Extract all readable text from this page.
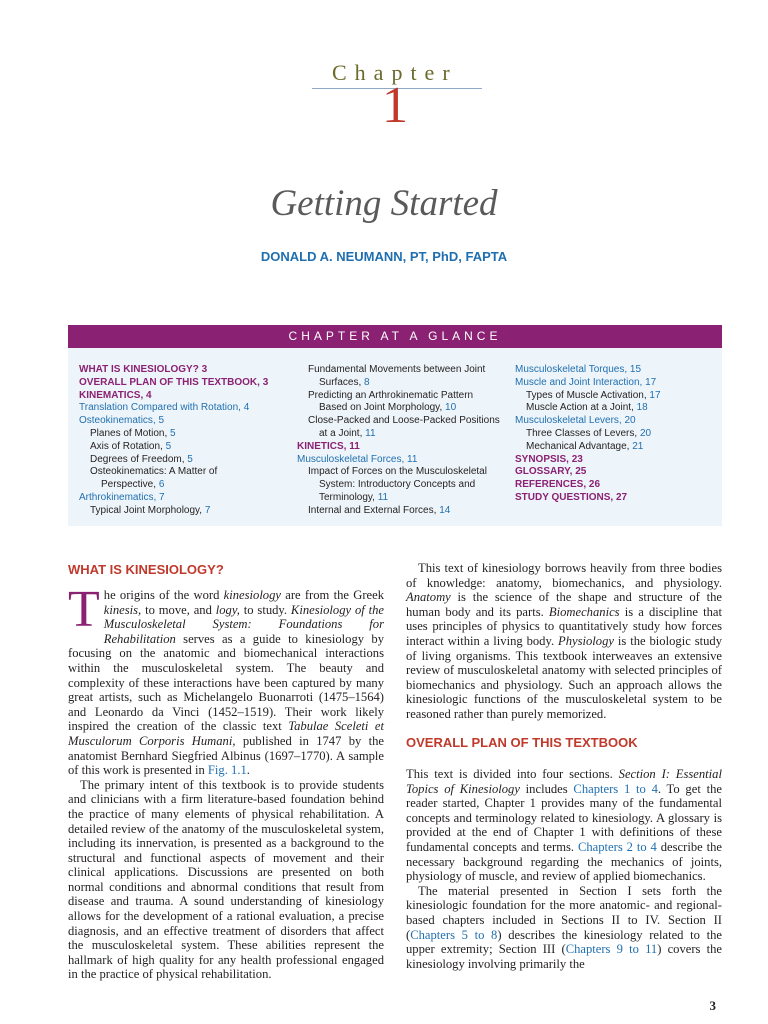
Chapter
1
Getting Started
DONALD A. NEUMANN, PT, PhD, FAPTA
CHAPTER AT A GLANCE
WHAT IS KINESIOLOGY? 3
OVERALL PLAN OF THIS TEXTBOOK, 3
KINEMATICS, 4
Translation Compared with Rotation, 4
Osteokinematics, 5
Planes of Motion, 5
Axis of Rotation, 5
Degrees of Freedom, 5
Osteokinematics: A Matter of
Perspective, 6
Arthrokinematics, 7
Typical Joint Morphology, 7
Fundamental Movements between Joint
Surfaces, 8
Predicting an Arthrokinematic Pattern
Based on Joint Morphology, 10
Close-Packed and Loose-Packed Positions
at a Joint, 11
KINETICS, 11
Musculoskeletal Forces, 11
Impact of Forces on the Musculoskeletal
System: Introductory Concepts and
Terminology, 11
Internal and External Forces, 14
Musculoskeletal Torques, 15
Muscle and Joint Interaction, 17
Types of Muscle Activation, 17
Muscle Action at a Joint, 18
Musculoskeletal Levers, 20
Three Classes of Levers, 20
Mechanical Advantage, 21
SYNOPSIS, 23
GLOSSARY, 25
REFERENCES, 26
STUDY QUESTIONS, 27
WHAT IS KINESIOLOGY?

The origins of the word kinesiology are from the Greek kinesis, to move, and logy, to study. Kinesiology of the Musculoskeletal System: Foundations for Rehabilitation serves as a guide to kinesiology by focusing on the anatomic and biomechanical interactions within the musculoskeletal system. The beauty and complexity of these interactions have been captured by many great artists, such as Michelangelo Buonarroti (1475–1564) and Leonardo da Vinci (1452–1519). Their work likely inspired the creation of the classic text Tabulae Sceleti et Musculorum Corporis Humani, published in 1747 by the anatomist Bernhard Siegfried Albinus (1697–1770). A sample of this work is presented in Fig. 1.1.

The primary intent of this textbook is to provide students and clinicians with a firm literature-based foundation behind the practice of many elements of physical rehabilitation. A detailed review of the anatomy of the musculoskeletal system, including its innervation, is presented as a background to the structural and functional aspects of movement and their clinical applications. Discussions are presented on both normal conditions and abnormal conditions that result from disease and trauma. A sound understanding of kinesiology allows for the development of a rational evaluation, a precise diagnosis, and an effective treatment of disorders that affect the musculoskeletal system. These abilities represent the hallmark of high quality for any health professional engaged in the practice of physical rehabilitation.

This text of kinesiology borrows heavily from three bodies of knowledge: anatomy, biomechanics, and physiology. Anatomy is the science of the shape and structure of the human body and its parts. Biomechanics is a discipline that uses principles of physics to quantitatively study how forces interact within a living body. Physiology is the biologic study of living organisms. This textbook interweaves an extensive review of musculoskeletal anatomy with selected principles of biomechanics and physiology. Such an approach allows the kinesiologic functions of the musculoskeletal system to be reasoned rather than purely memorized.

OVERALL PLAN OF THIS TEXTBOOK

This text is divided into four sections. Section I: Essential Topics of Kinesiology includes Chapters 1 to 4. To get the reader started, Chapter 1 provides many of the fundamental concepts and terminology related to kinesiology. A glossary is provided at the end of Chapter 1 with definitions of these fundamental concepts and terms. Chapters 2 to 4 describe the necessary background regarding the mechanics of joints, physiology of muscle, and review of applied biomechanics.

The material presented in Section I sets forth the kinesiologic foundation for the more anatomic- and regional-based chapters included in Sections II to IV. Section II (Chapters 5 to 8) describes the kinesiology related to the upper extremity; Section III (Chapters 9 to 11) covers the kinesiology involving primarily the

3
